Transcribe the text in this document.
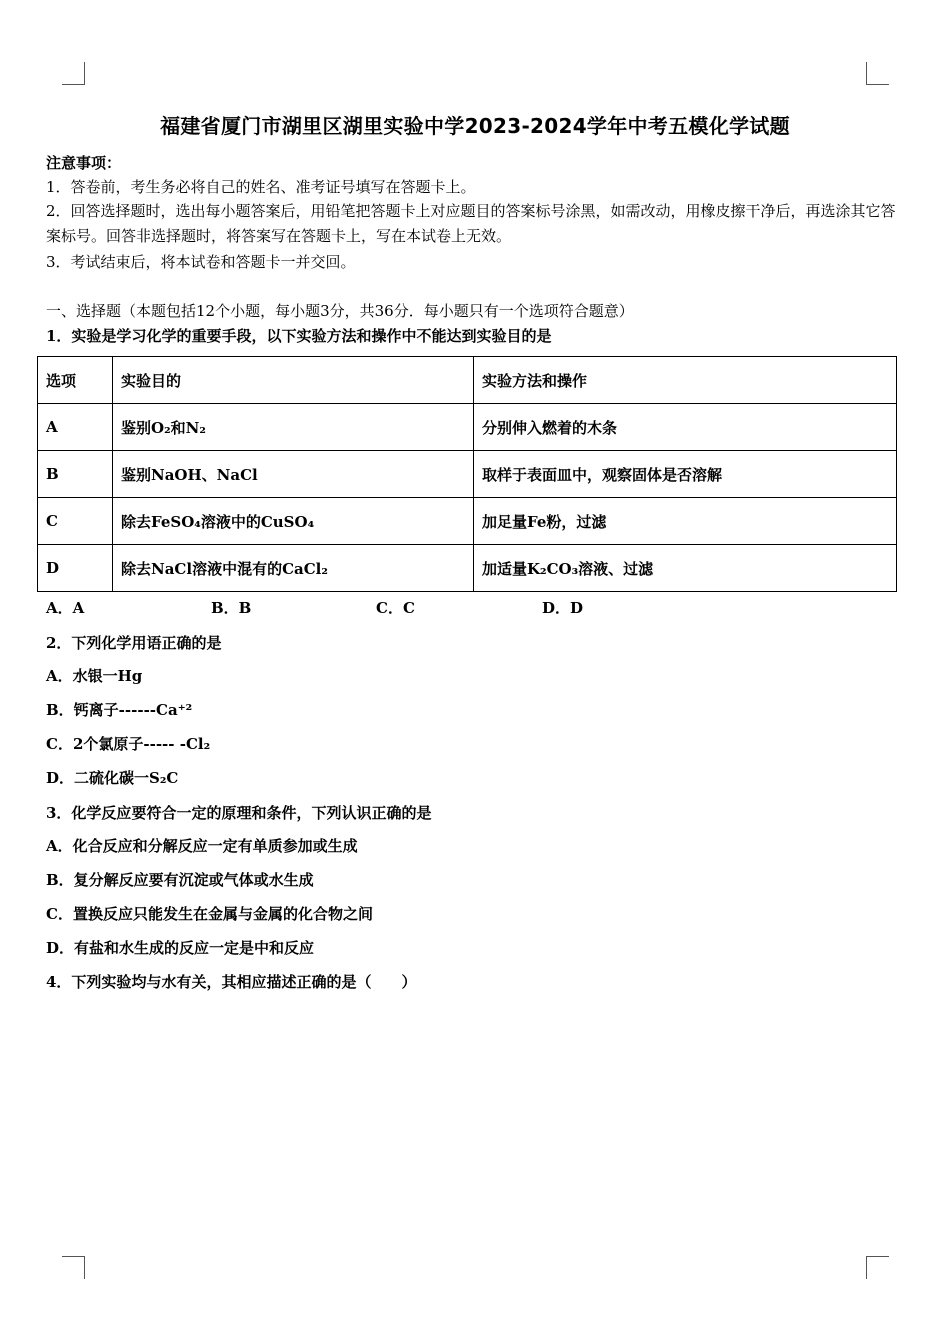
福建省厦门市湖里区湖里实验中学2023-2024学年中考五模化学试题
注意事项：
1．答卷前，考生务必将自己的姓名、准考证号填写在答题卡上。
2．回答选择题时，选出每小题答案后，用铅笔把答题卡上对应题目的答案标号涂黑，如需改动，用橡皮擦干净后，再选涂其它答案标号。回答非选择题时，将答案写在答题卡上，写在本试卷上无效。
3．考试结束后，将本试卷和答题卡一并交回。
一、选择题（本题包括12个小题，每小题3分，共36分．每小题只有一个选项符合题意）
1．实验是学习化学的重要手段，以下实验方法和操作中不能达到实验目的是
选项	实验目的	实验方法和操作
A	鉴别O₂和N₂	分别伸入燃着的木条
B	鉴别NaOH、NaCl	取样于表面皿中，观察固体是否溶解
C	除去FeSO₄溶液中的CuSO₄	加足量Fe粉，过滤
D	除去NaCl溶液中混有的CaCl₂	加适量K₂CO₃溶液、过滤
A．A	B．B	C．C	D．D
2．下列化学用语正确的是
A．水银一Hg
B．钙离子------Ca⁺²
C．2个氯原子----- -Cl₂
D．二硫化碳一S₂C
3．化学反应要符合一定的原理和条件，下列认识正确的是
A．化合反应和分解反应一定有单质参加或生成
B．复分解反应要有沉淀或气体或水生成
C．置换反应只能发生在金属与金属的化合物之间
D．有盐和水生成的反应一定是中和反应
4．下列实验均与水有关，其相应描述正确的是（　　）
